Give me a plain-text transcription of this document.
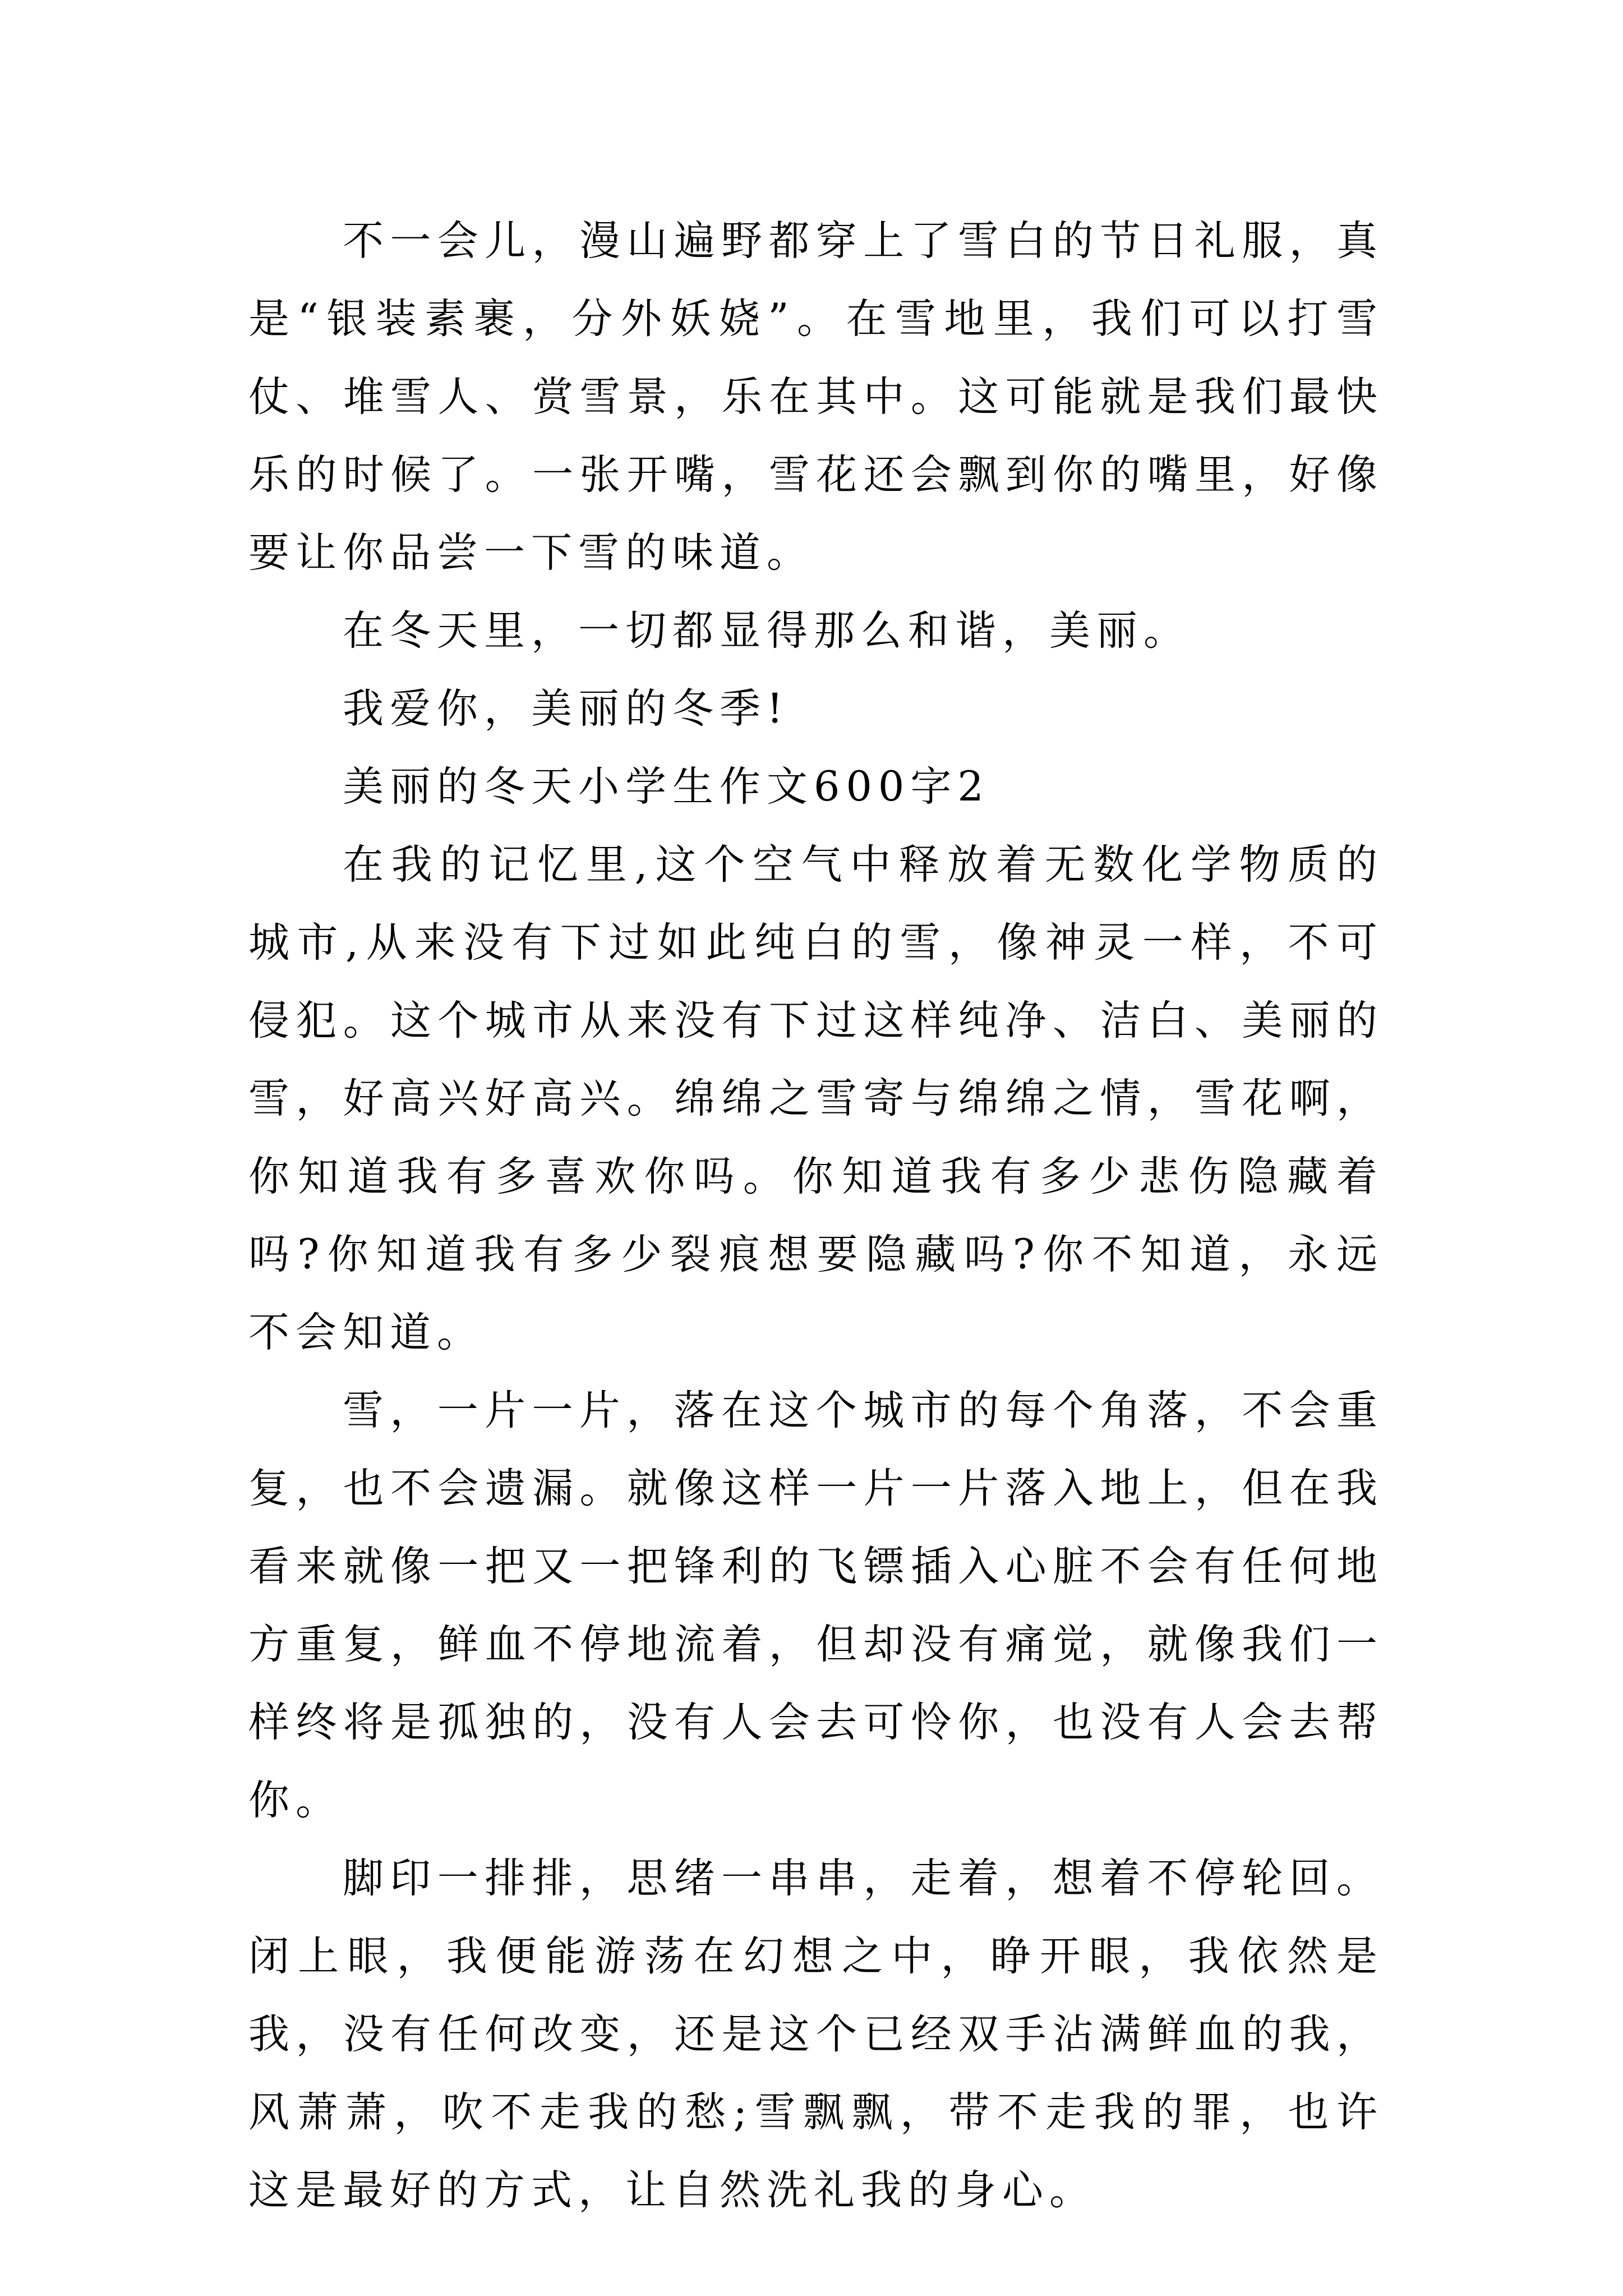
不一会儿，漫山遍野都穿上了雪白的节日礼服，真是“银装素裹，分外妖娆”。在雪地里，我们可以打雪仗、堆雪人、赏雪景，乐在其中。这可能就是我们最快乐的时候了。一张开嘴，雪花还会飘到你的嘴里，好像要让你品尝一下雪的味道。

在冬天里，一切都显得那么和谐，美丽。

我爱你，美丽的冬季!

美丽的冬天小学生作文600字2

在我的记忆里,这个空气中释放着无数化学物质的城市,从来没有下过如此纯白的雪，像神灵一样，不可侵犯。这个城市从来没有下过这样纯净、洁白、美丽的雪，好高兴好高兴。绵绵之雪寄与绵绵之情，雪花啊，你知道我有多喜欢你吗。你知道我有多少悲伤隐藏着吗?你知道我有多少裂痕想要隐藏吗?你不知道，永远不会知道。

雪，一片一片，落在这个城市的每个角落，不会重复，也不会遗漏。就像这样一片一片落入地上，但在我看来就像一把又一把锋利的飞镖插入心脏不会有任何地方重复，鲜血不停地流着，但却没有痛觉，就像我们一样终将是孤独的，没有人会去可怜你，也没有人会去帮你。

脚印一排排，思绪一串串，走着，想着不停轮回。闭上眼，我便能游荡在幻想之中，睁开眼，我依然是我，没有任何改变，还是这个已经双手沾满鲜血的我，风萧萧，吹不走我的愁;雪飘飘，带不走我的罪，也许这是最好的方式，让自然洗礼我的身心。
